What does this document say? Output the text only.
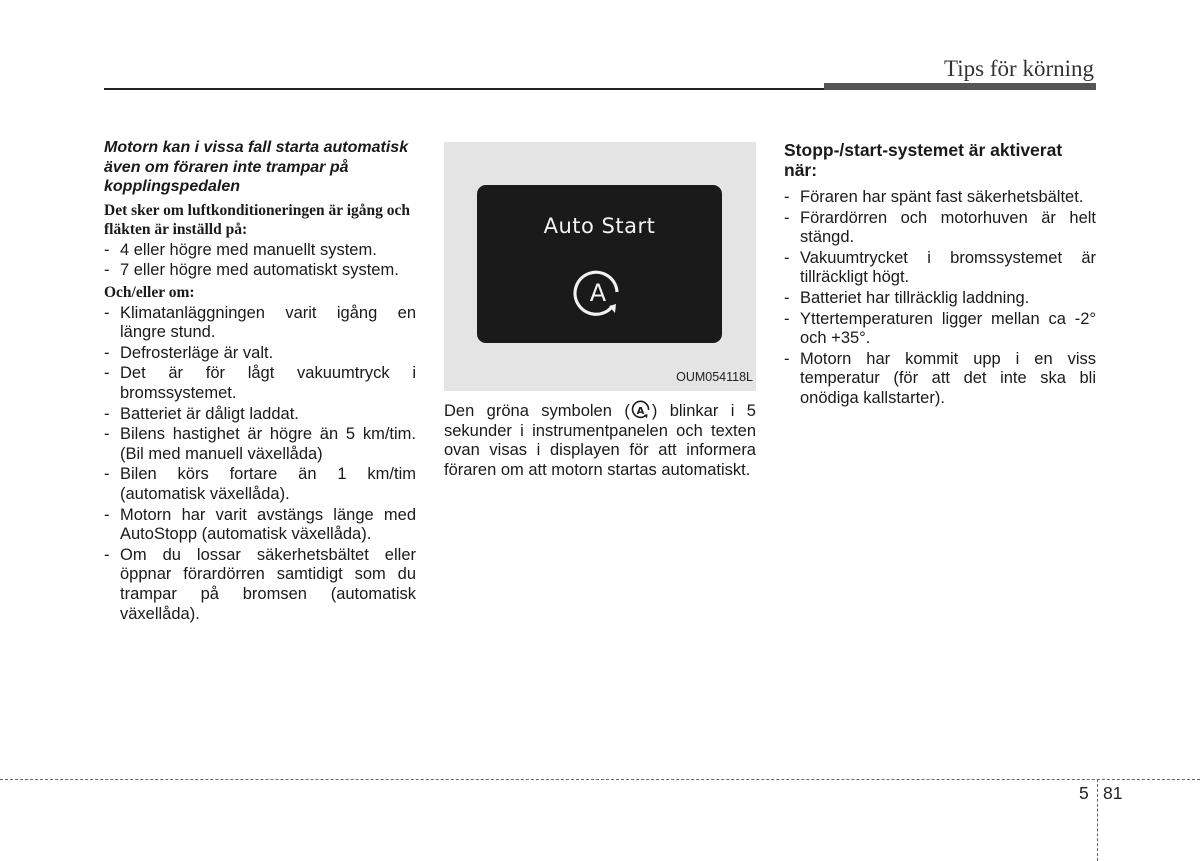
Tips för körning
Motorn kan i vissa fall starta automatisk även om föraren inte trampar på kopplingspedalen
Det sker om luftkonditioneringen är igång och fläkten är inställd på:
- 4 eller högre med manuellt system.
- 7 eller högre med automatiskt system.
Och/eller om:
- Klimatanläggningen varit igång en längre stund.
- Defrosterläge är valt.
- Det är för lågt vakuumtryck i bromssystemet.
- Batteriet är dåligt laddat.
- Bilens hastighet är högre än 5 km/tim. (Bil med manuell växellåda)
- Bilen körs fortare än 1 km/tim (automatisk växellåda).
- Motorn har varit avstängs länge med AutoStopp (automatisk växellåda).
- Om du lossar säkerhetsbältet eller öppnar förardörren samtidigt som du trampar på bromsen (automatisk växellåda).
Auto Start
A
OUM054118L
Den gröna symbolen ( A ) blinkar i 5 sekunder i instrumentpanelen och texten ovan visas i displayen för att informera föraren om att motorn startas automatiskt.
Stopp-/start-systemet är aktiverat när:
- Föraren har spänt fast säkerhetsbältet.
- Förardörren och motorhuven är helt stängd.
- Vakuumtrycket i bromssystemet är tillräckligt högt.
- Batteriet har tillräcklig laddning.
- Yttertemperaturen ligger mellan ca -2° och +35°.
- Motorn har kommit upp i en viss temperatur (för att det inte ska bli onödiga kallstarter).
5 81
